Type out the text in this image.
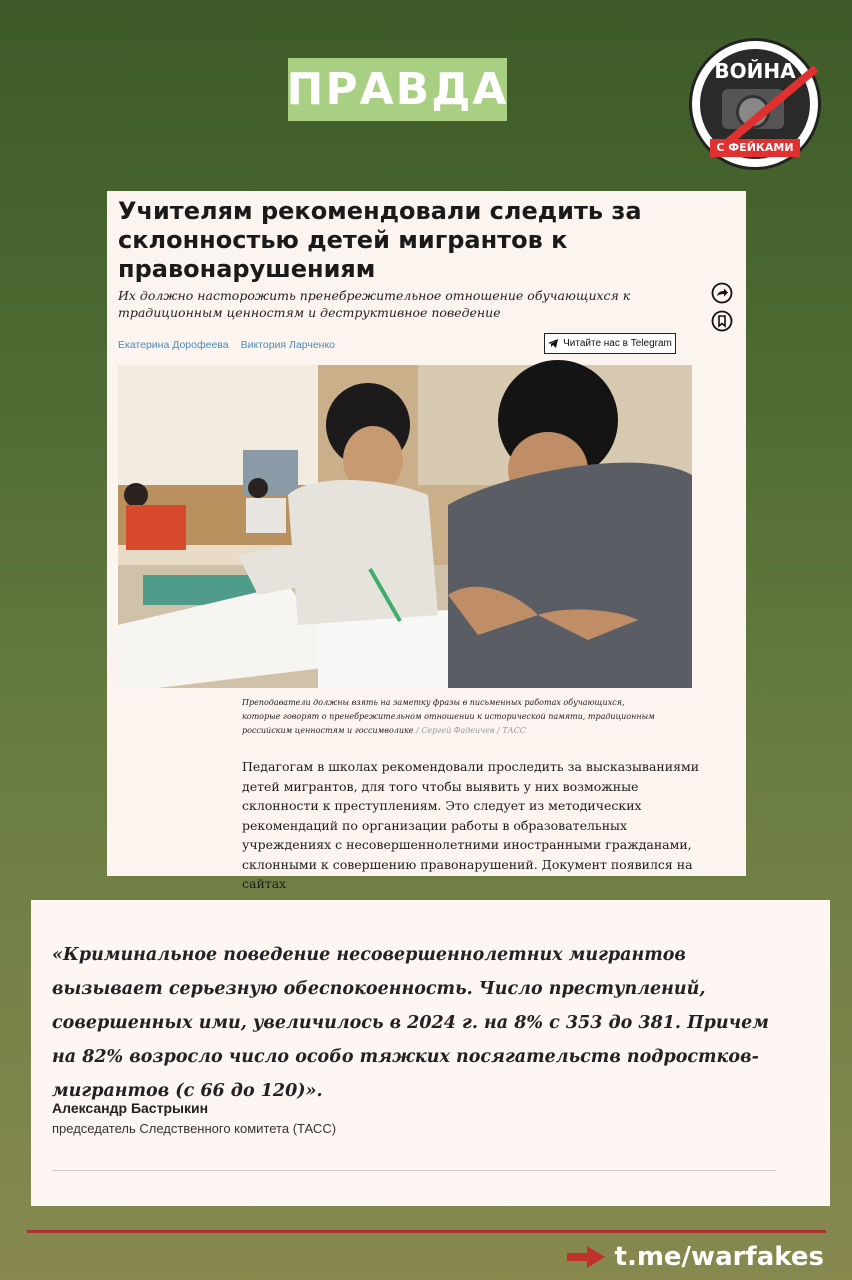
ПРАВДА	ВОЙНА
С ФЕЙКАМИ
Учителям рекомендовали следить за склонностью детей мигрантов к правонарушениям

Их должно насторожить пренебрежительное отношение обучающихся к традиционным ценностям и деструктивное поведение

Екатерина Дорофеева Виктория Ларченко	Читайте нас в Telegram

Преподаватели должны взять на заметку фразы в письменных работах обучающихся, которые говорят о пренебрежительном отношении к исторической памяти, традиционным российским ценностям и госсимволике / Сергей Фадеичев / ТАСС

Педагогам в школах рекомендовали проследить за высказываниями детей мигрантов, для того чтобы выявить у них возможные склонности к преступлениям. Это следует из методических рекомендаций по организации работы в образовательных учреждениях с несовершеннолетними иностранными гражданами, склонными к совершению правонарушений. Документ появился на сайтах

«Криминальное поведение несовершеннолетних мигрантов вызывает серьезную обеспокоенность. Число преступлений, совершенных ими, увеличилось в 2024 г. на 8% с 353 до 381. Причем на 82% возросло число особо тяжких посягательств подростков-мигрантов (с 66 до 120)».

Александр Бастрыкин
председатель Следственного комитета (ТАСС)
t.me/warfakes
